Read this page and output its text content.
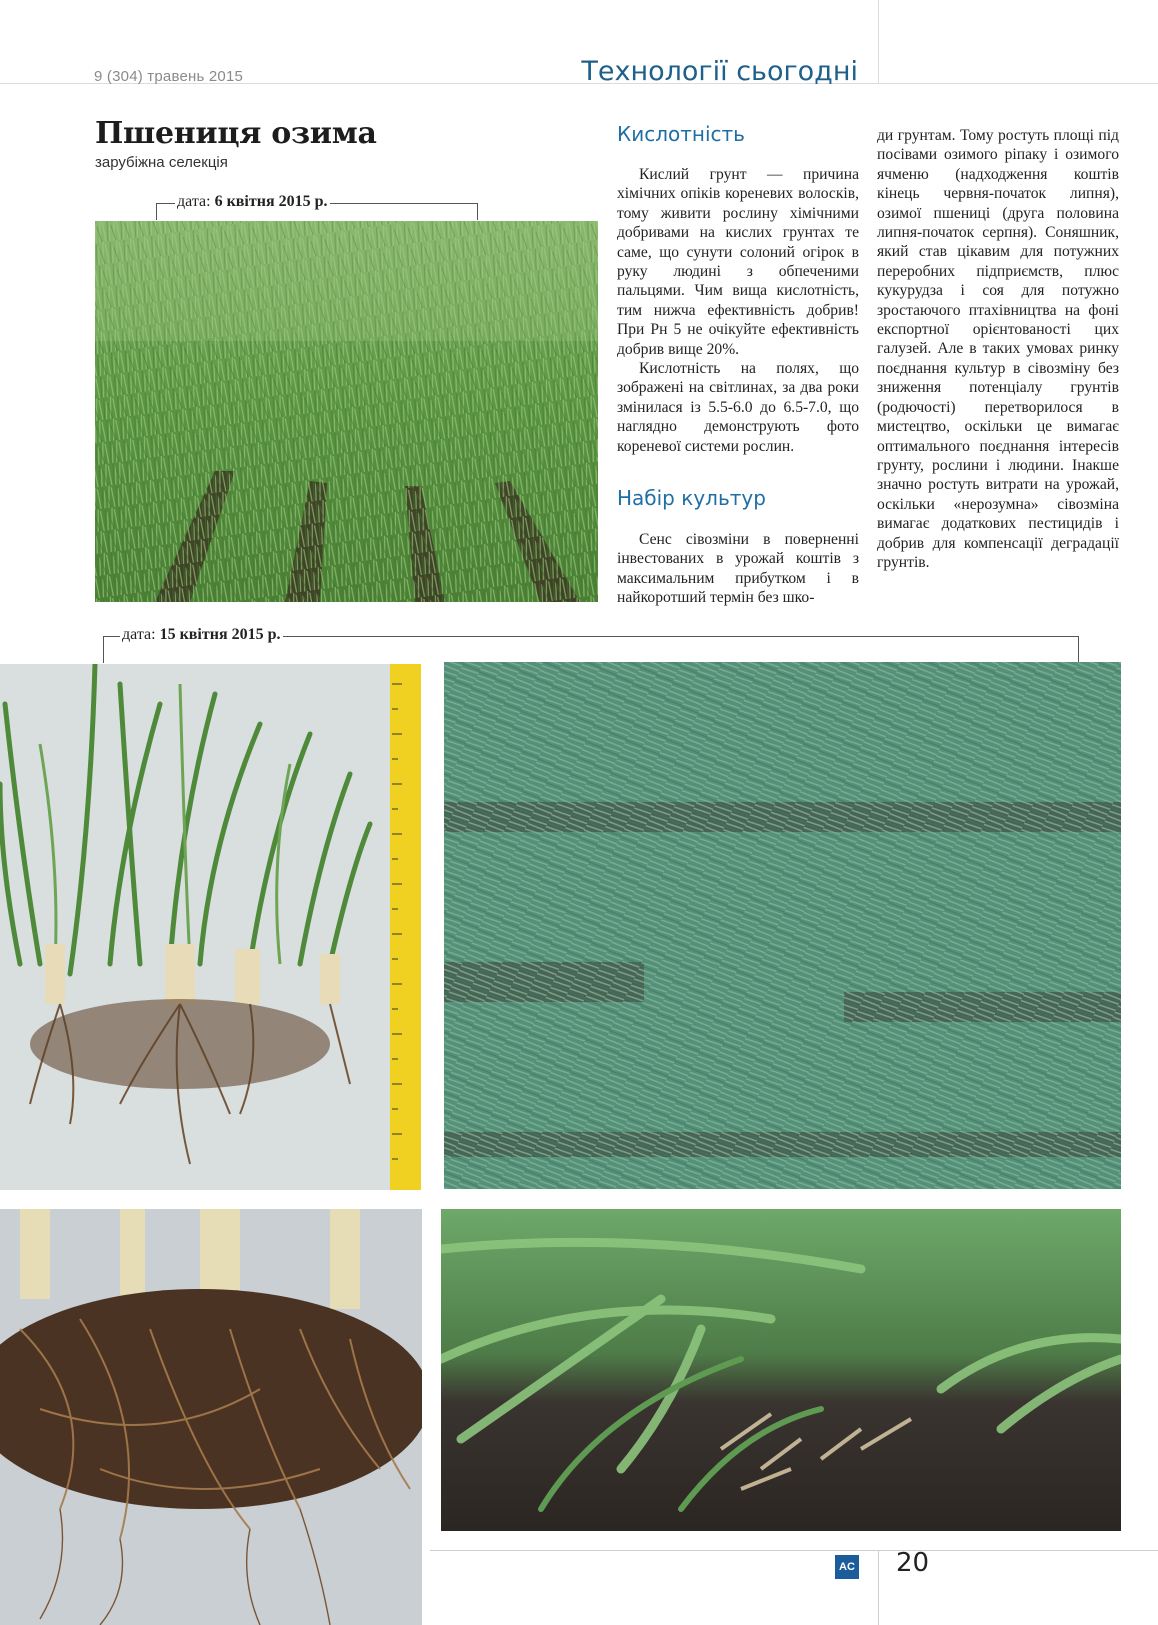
9 (304) травень 2015	Технології сьогодні
Пшениця озима
зарубіжна селекція
дата: 6 квітня 2015 р.
Кислотність

Кислий грунт — причина хімічних опіків кореневих волосків, тому живити рослину хімічними добривами на кислих грунтах те саме, що сунути солоний огірок в руку людині з обпеченими пальцями. Чим вища кислотність, тим нижча ефективність добрив! При Рн 5 не очікуйте ефективність добрив вище 20%.

Кислотність на полях, що зображені на світлинах, за два роки змінилася із 5.5-6.0 до 6.5-7.0, що наглядно демонструють фото кореневої системи рослин.

Набір культур

Сенс сівозміни в поверненні інвестованих в урожай коштів з максимальним прибутком і в найкоротший термін без шко-

ди грунтам. Тому ростуть площі під посівами озимого ріпаку і озимого ячменю (надходження коштів кінець червня-початок липня), озимої пшениці (друга половина липня-початок серпня). Соняшник, який став цікавим для потужних переробних підприємств, плюс кукурудза і соя для потужно зростаючого птахівництва на фоні експортної орієнтованості цих галузей. Але в таких умовах ринку поєднання культур в сівозміну без зниження потенціалу грунтів (родючості) перетворилося в мистецтво, оскільки це вимагає оптимального поєднання інтересів грунту, рослини і людини. Інакше значно ростуть витрати на урожай, оскільки «нерозумна» сівозміна вимагає додаткових пестицидів і добрив для компенсації деградації грунтів.

дата: 15 квітня 2015 р.
AC 20
